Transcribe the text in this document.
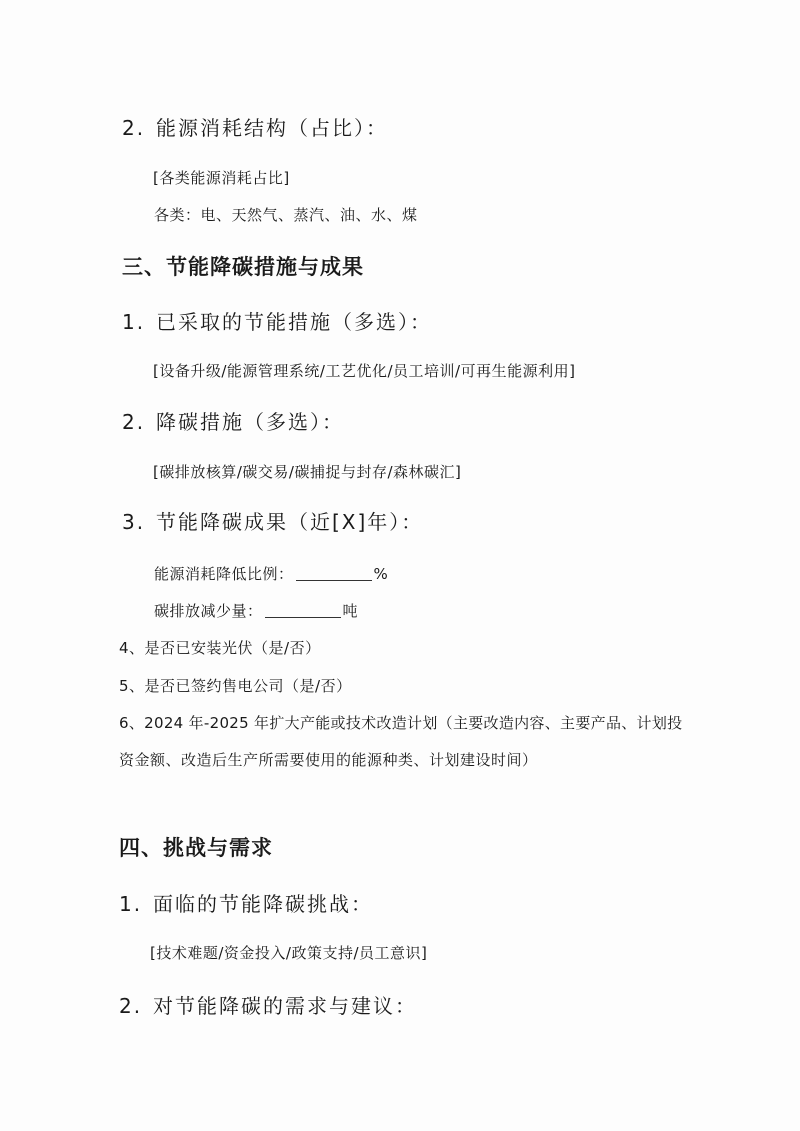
2. 能源消耗结构（占比）：
[各类能源消耗占比]
各类：电、天然气、蒸汽、油、水、煤
三、节能降碳措施与成果
1. 已采取的节能措施（多选）：
[设备升级/能源管理系统/工艺优化/员工培训/可再生能源利用]
2. 降碳措施（多选）：
[碳排放核算/碳交易/碳捕捉与封存/森林碳汇]
3. 节能降碳成果（近[X]年）：
能源消耗降低比例：	%
碳排放减少量：	吨
4、是否已安装光伏（是/否）
5、是否已签约售电公司（是/否）
6、2024 年-2025 年扩大产能或技术改造计划（主要改造内容、主要产品、计划投
资金额、改造后生产所需要使用的能源种类、计划建设时间）
四、挑战与需求
1. 面临的节能降碳挑战：
[技术难题/资金投入/政策支持/员工意识]
2. 对节能降碳的需求与建议：
